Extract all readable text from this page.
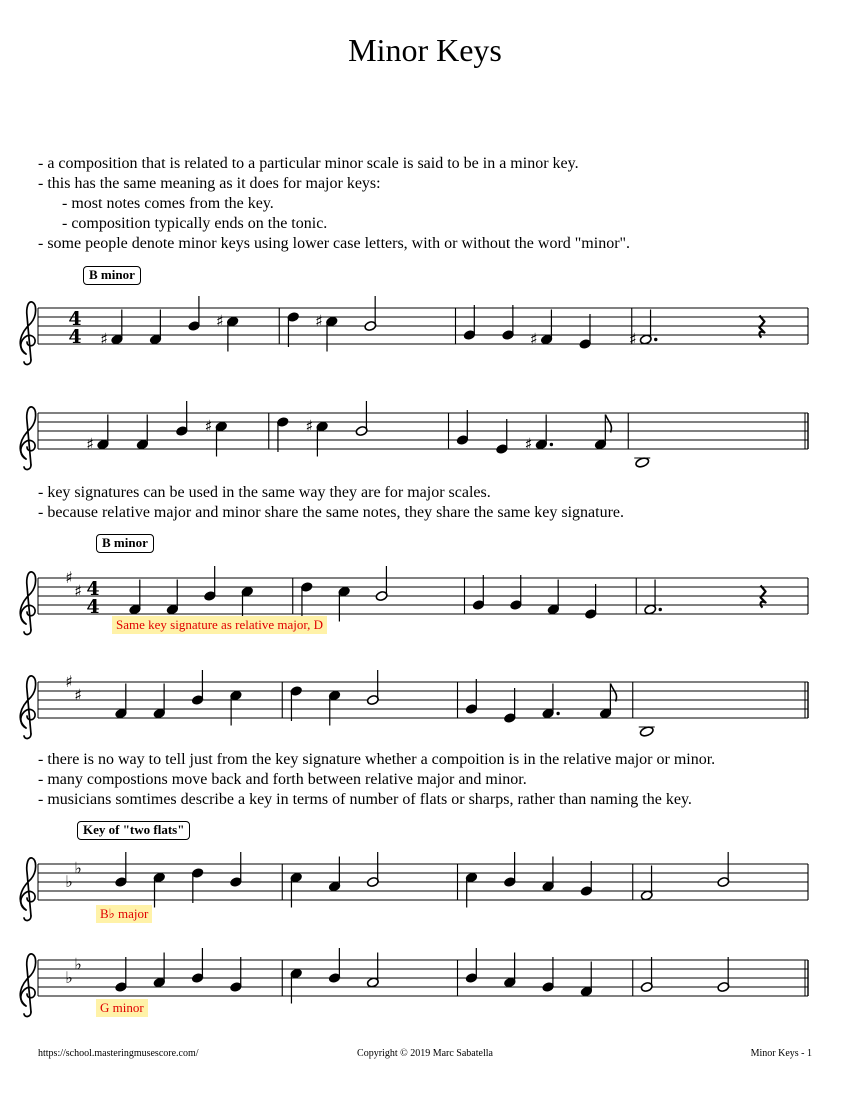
Minor Keys
- a composition that is related to a particular minor scale is said to be in a minor key.
- this has the same meaning as it does for major keys:
- most notes comes from the key.
- composition typically ends on the tonic.
- some people denote minor keys using lower case letters, with or without the word "minor".
B minor
4
4 ♯
♯	♯
♯	♯
♯
♯	♯
♯
- key signatures can be used in the same way they are for major scales.
- because relative major and minor share the same notes, they share the same key signature.
B minor
♯
♯ 4
4
Same key signature as relative major, D
♯
♯
- there is no way to tell just from the key signature whether a compoition is in the relative major or minor.
- many compostions move back and forth between relative major and minor.
- musicians somtimes describe a key in terms of number of flats or sharps, rather than naming the key.
Key of "two flats"
♭
♭
B♭ major
♭
♭
G minor
https://school.masteringmusescore.com/	Copyright © 2019 Marc Sabatella	Minor Keys - 1
